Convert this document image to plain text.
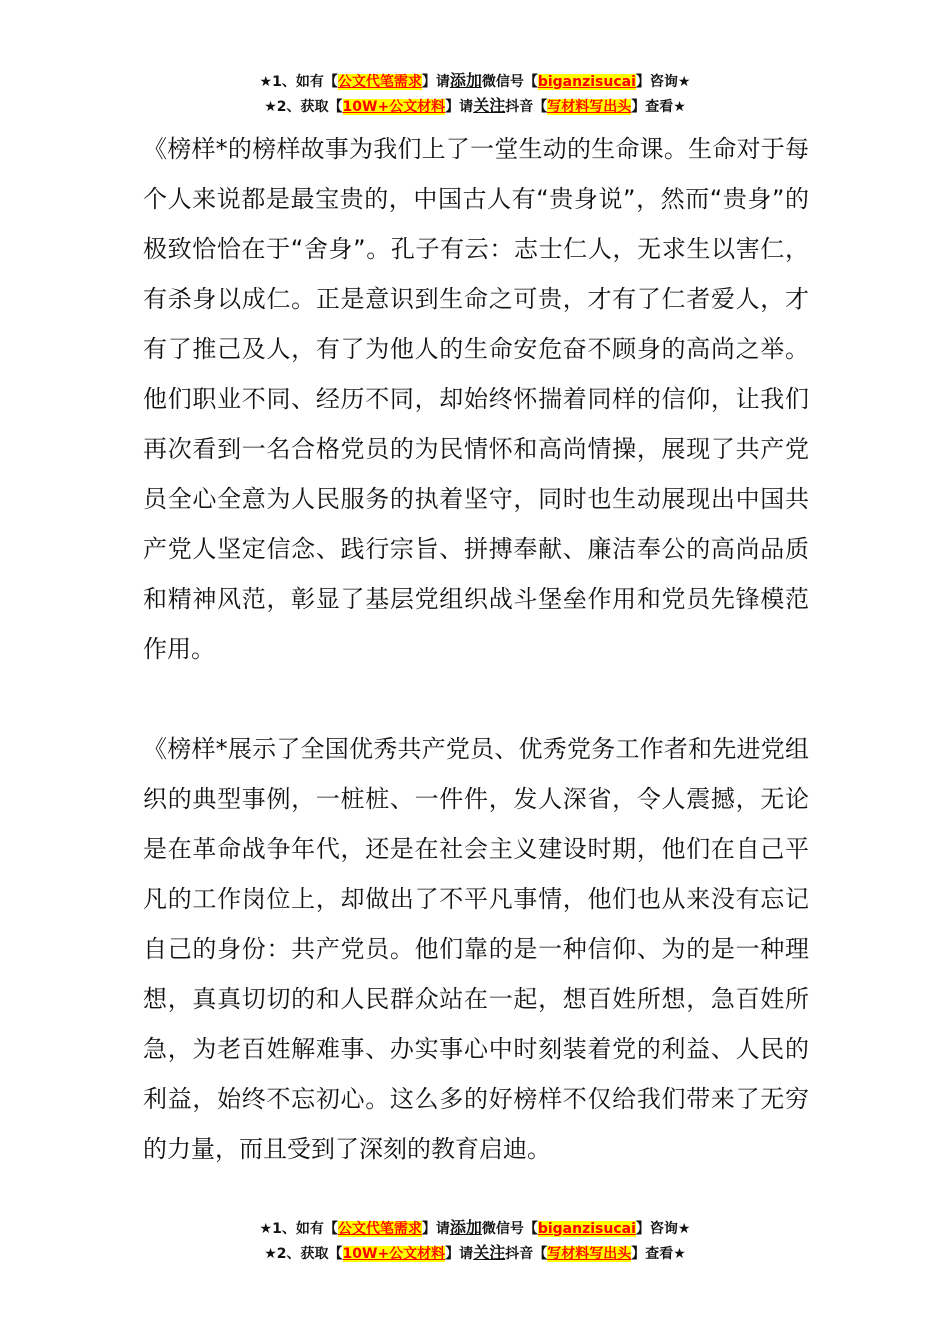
★1、如有【公文代笔需求】请添加微信号【biganzisucai】咨询★
★2、获取【10W+公文材料】请关注抖音【写材料写出头】查看★

《榜样*的榜样故事为我们上了一堂生动的生命课。生命对于每个人来说都是最宝贵的，中国古人有“贵身说”，然而“贵身”的极致恰恰在于“舍身”。孔子有云：志士仁人，无求生以害仁，有杀身以成仁。正是意识到生命之可贵，才有了仁者爱人，才有了推己及人，有了为他人的生命安危奋不顾身的高尚之举。他们职业不同、经历不同，却始终怀揣着同样的信仰，让我们再次看到一名合格党员的为民情怀和高尚情操，展现了共产党员全心全意为人民服务的执着坚守，同时也生动展现出中国共产党人坚定信念、践行宗旨、拼搏奉献、廉洁奉公的高尚品质和精神风范，彰显了基层党组织战斗堡垒作用和党员先锋模范作用。

《榜样*展示了全国优秀共产党员、优秀党务工作者和先进党组织的典型事例，一桩桩、一件件，发人深省，令人震撼，无论是在革命战争年代，还是在社会主义建设时期，他们在自己平凡的工作岗位上，却做出了不平凡事情，他们也从来没有忘记自己的身份：共产党员。他们靠的是一种信仰、为的是一种理想，真真切切的和人民群众站在一起，想百姓所想，急百姓所急，为老百姓解难事、办实事心中时刻装着党的利益、人民的利益，始终不忘初心。这么多的好榜样不仅给我们带来了无穷的力量，而且受到了深刻的教育启迪。

★1、如有【公文代笔需求】请添加微信号【biganzisucai】咨询★
★2、获取【10W+公文材料】请关注抖音【写材料写出头】查看★
